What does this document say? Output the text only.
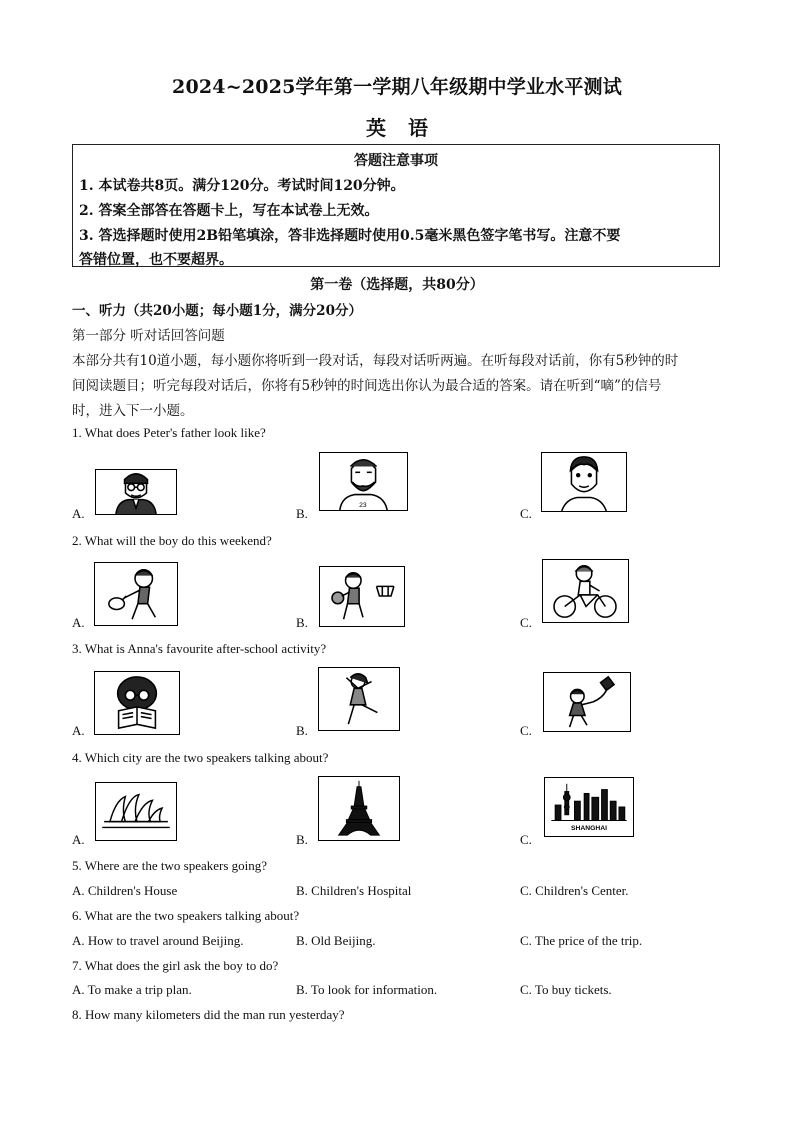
2024~2025学年第一学期八年级期中学业水平测试
英语
答题注意事项
1. 本试卷共8页。满分120分。考试时间120分钟。
2. 答案全部答在答题卡上，写在本试卷上无效。
3. 答选择题时使用2B铅笔填涂，答非选择题时使用0.5毫米黑色签字笔书写。注意不要
答错位置，也不要超界。
第一卷（选择题，共80分）
一、听力（共20小题；每小题1分，满分20分）
第一部分 听对话回答问题
本部分共有10道小题，每小题你将听到一段对话，每段对话听两遍。在听每段对话前，你有5秒钟的时
间阅读题目；听完每段对话后，你将有5秒钟的时间选出你认为最合适的答案。请在听到“嘀”的信号
时，进入下一小题。
1. What does Peter's father look like?
A.	B.
23
C.
2. What will the boy do this weekend?
A.	B.	C.
3. What is Anna's favourite after-school activity?
A.	B.	C.
4. Which city are the two speakers talking about?
A.	B.	C.
SHANGHAI
5. Where are the two speakers going?
A. Children's House	B. Children's Hospital	C. Children's Center.
6. What are the two speakers talking about?
A. How to travel around Beijing.	B. Old Beijing.	C. The price of the trip.
7. What does the girl ask the boy to do?
A. To make a trip plan.	B. To look for information.	C. To buy tickets.
8. How many kilometers did the man run yesterday?
